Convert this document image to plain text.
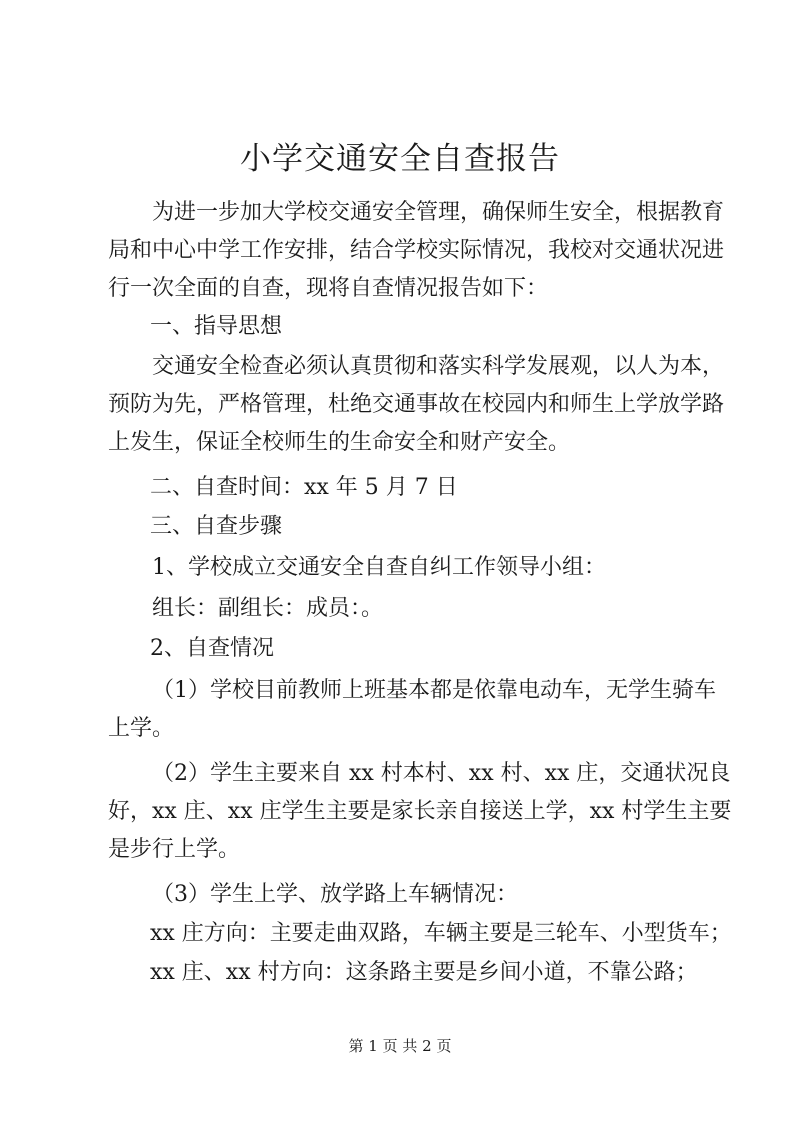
小学交通安全自查报告
为进一步加大学校交通安全管理，确保师生安全，根据教育
局和中心中学工作安排，结合学校实际情况，我校对交通状况进
行一次全面的自查，现将自查情况报告如下：
一、指导思想
交通安全检查必须认真贯彻和落实科学发展观，以人为本，
预防为先，严格管理，杜绝交通事故在校园内和师生上学放学路
上发生，保证全校师生的生命安全和财产安全。
二、自查时间：xx 年 5 月 7 日
三、自查步骤
1、学校成立交通安全自查自纠工作领导小组：
组长：副组长：成员：。
2、自查情况
（1）学校目前教师上班基本都是依靠电动车，无学生骑车
上学。
（2）学生主要来自 xx 村本村、xx 村、xx 庄，交通状况良
好，xx 庄、xx 庄学生主要是家长亲自接送上学，xx 村学生主要
是步行上学。
（3）学生上学、放学路上车辆情况：
xx 庄方向：主要走曲双路，车辆主要是三轮车、小型货车；
xx 庄、xx 村方向：这条路主要是乡间小道，不靠公路；
第 1 页 共 2 页
